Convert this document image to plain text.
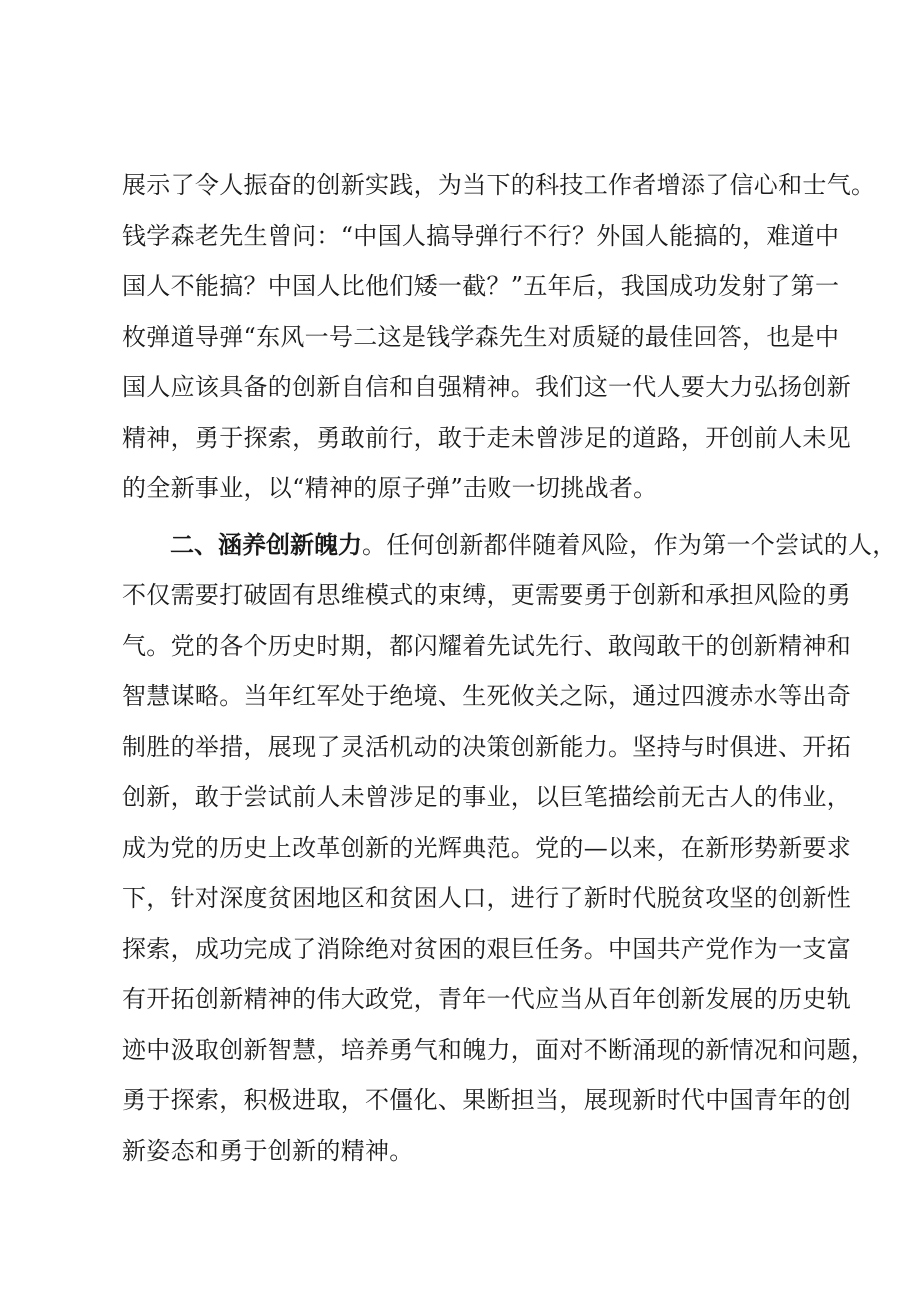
展示了令人振奋的创新实践，为当下的科技工作者增添了信心和士气。
钱学森老先生曾问：“中国人搞导弹行不行？外国人能搞的，难道中
国人不能搞？中国人比他们矮一截？”五年后，我国成功发射了第一
枚弹道导弹“东风一号二这是钱学森先生对质疑的最佳回答，也是中
国人应该具备的创新自信和自强精神。我们这一代人要大力弘扬创新
精神，勇于探索，勇敢前行，敢于走未曾涉足的道路，开创前人未见
的全新事业，以“精神的原子弹”击败一切挑战者。
二、涵养创新魄力。任何创新都伴随着风险，作为第一个尝试的人，
不仅需要打破固有思维模式的束缚，更需要勇于创新和承担风险的勇
气。党的各个历史时期，都闪耀着先试先行、敢闯敢干的创新精神和
智慧谋略。当年红军处于绝境、生死攸关之际，通过四渡赤水等出奇
制胜的举措，展现了灵活机动的决策创新能力。坚持与时俱进、开拓
创新，敢于尝试前人未曾涉足的事业，以巨笔描绘前无古人的伟业，
成为党的历史上改革创新的光辉典范。党的—以来，在新形势新要求
下，针对深度贫困地区和贫困人口，进行了新时代脱贫攻坚的创新性
探索，成功完成了消除绝对贫困的艰巨任务。中国共产党作为一支富
有开拓创新精神的伟大政党，青年一代应当从百年创新发展的历史轨
迹中汲取创新智慧，培养勇气和魄力，面对不断涌现的新情况和问题，
勇于探索，积极进取，不僵化、果断担当，展现新时代中国青年的创
新姿态和勇于创新的精神。
